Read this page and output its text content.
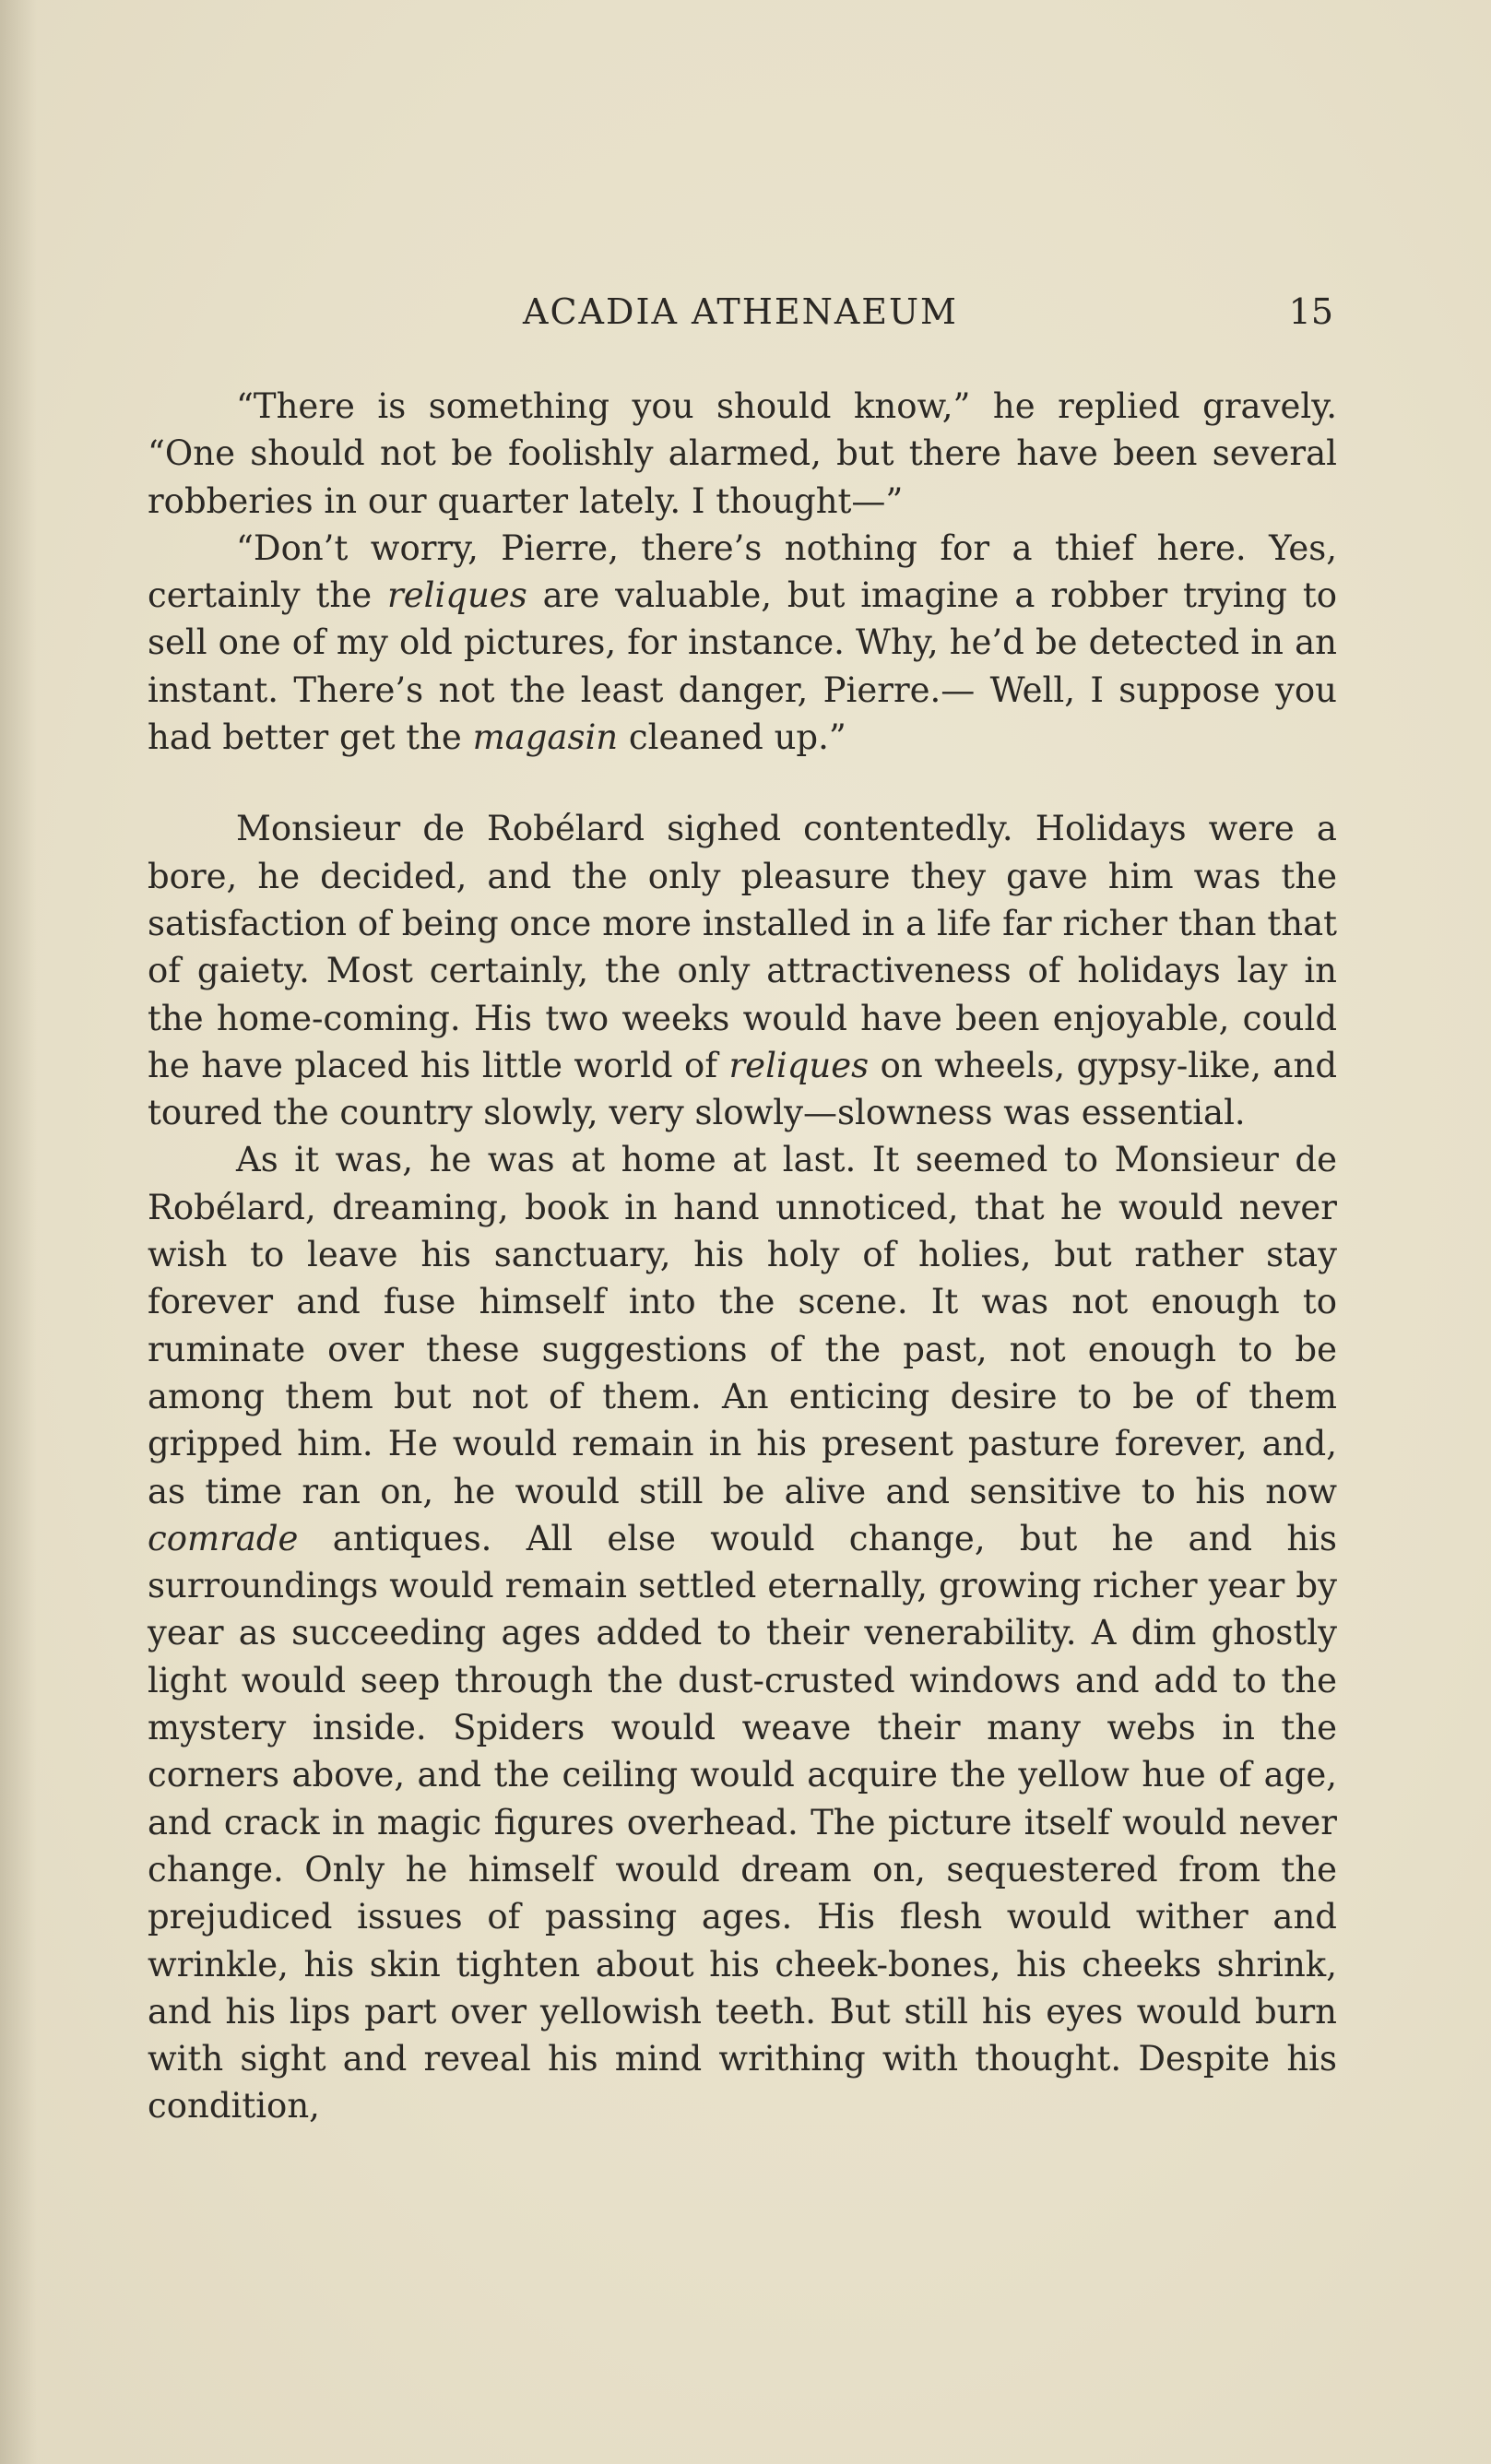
ACADIA ATHENAEUM	15

“There is something you should know,” he replied gravely. “One should not be foolishly alarmed, but there have been several robberies in our quarter lately. I thought—”

“Don’t worry, Pierre, there’s nothing for a thief here. Yes, certainly the reliques are valuable, but imagine a robber trying to sell one of my old pictures, for instance. Why, he’d be detected in an instant. There’s not the least danger, Pierre.— Well, I suppose you had better get the magasin cleaned up.”

Monsieur de Robélard sighed contentedly. Holidays were a bore, he decided, and the only pleasure they gave him was the satisfaction of being once more installed in a life far richer than that of gaiety. Most certainly, the only attractiveness of holidays lay in the home-coming. His two weeks would have been enjoyable, could he have placed his little world of reliques on wheels, gypsy-like, and toured the country slowly, very slowly—slowness was essential.

As it was, he was at home at last. It seemed to Monsieur de Robélard, dreaming, book in hand unnoticed, that he would never wish to leave his sanctuary, his holy of holies, but rather stay forever and fuse himself into the scene. It was not enough to ruminate over these suggestions of the past, not enough to be among them but not of them. An enticing desire to be of them gripped him. He would remain in his present pasture forever, and, as time ran on, he would still be alive and sensitive to his now comrade antiques. All else would change, but he and his surroundings would remain settled eternally, growing richer year by year as succeeding ages added to their venerability. A dim ghostly light would seep through the dust-crusted windows and add to the mystery inside. Spiders would weave their many webs in the corners above, and the ceiling would acquire the yellow hue of age, and crack in magic figures overhead. The picture itself would never change. Only he himself would dream on, sequestered from the prejudiced issues of passing ages. His flesh would wither and wrinkle, his skin tighten about his cheek-bones, his cheeks shrink, and his lips part over yellowish teeth. But still his eyes would burn with sight and reveal his mind writhing with thought. Despite his condition,
